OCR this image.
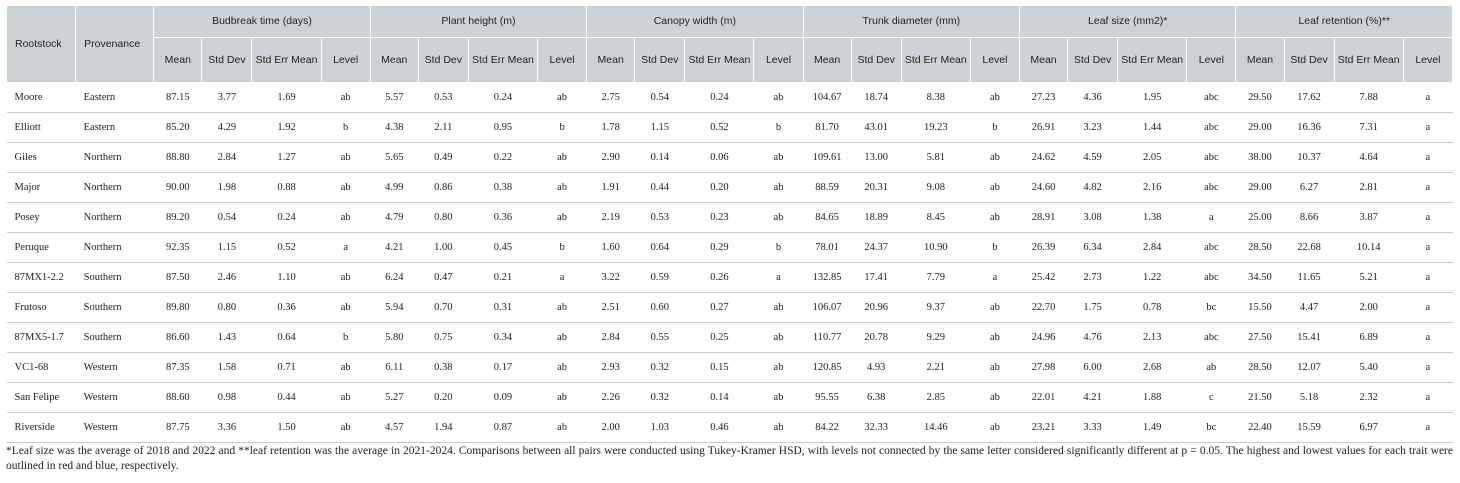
Rootstock	Provenance	Budbreak time (days)				Plant height (m)				Canopy width (m)				Trunk diameter (mm)				Leaf size (mm2)*				Leaf retention (%)**			
		Mean	Std Dev	Std Err Mean	Level	Mean	Std Dev	Std Err Mean	Level	Mean	Std Dev	Std Err Mean	Level	Mean	Std Dev	Std Err Mean	Level	Mean	Std Dev	Std Err Mean	Level	Mean	Std Dev	Std Err Mean	Level
Moore	Eastern	87.15	3.77	1.69	ab	5.57	0.53	0.24	ab	2.75	0.54	0.24	ab	104.67	18.74	8.38	ab	27.23	4.36	1.95	abc	29.50	17.62	7.88	a
Elliott	Eastern	85.20	4.29	1.92	b	4.38	2.11	0.95	b	1.78	1.15	0.52	b	81.70	43.01	19.23	b	26.91	3.23	1.44	abc	29.00	16.36	7.31	a
Giles	Northern	88.80	2.84	1.27	ab	5.65	0.49	0.22	ab	2.90	0.14	0.06	ab	109.61	13.00	5.81	ab	24.62	4.59	2.05	abc	38.00	10.37	4.64	a
Major	Northern	90.00	1.98	0.88	ab	4.99	0.86	0.38	ab	1.91	0.44	0.20	ab	88.59	20.31	9.08	ab	24.60	4.82	2.16	abc	29.00	6.27	2.81	a
Posey	Northern	89.20	0.54	0.24	ab	4.79	0.80	0.36	ab	2.19	0.53	0.23	ab	84.65	18.89	8.45	ab	28.91	3.08	1.38	a	25.00	8.66	3.87	a
Peruque	Northern	92.35	1.15	0.52	a	4.21	1.00	0.45	b	1.60	0.64	0.29	b	78.01	24.37	10.90	b	26.39	6.34	2.84	abc	28.50	22.68	10.14	a
87MX1-2.2	Southern	87.50	2.46	1.10	ab	6.24	0.47	0.21	a	3.22	0.59	0.26	a	132.85	17.41	7.79	a	25.42	2.73	1.22	abc	34.50	11.65	5.21	a
Frutoso	Southern	89.80	0.80	0.36	ab	5.94	0.70	0.31	ab	2.51	0.60	0.27	ab	106.07	20.96	9.37	ab	22.70	1.75	0.78	bc	15.50	4.47	2.00	a
87MX5-1.7	Southern	86.60	1.43	0.64	b	5.80	0.75	0.34	ab	2.84	0.55	0.25	ab	110.77	20.78	9.29	ab	24.96	4.76	2.13	abc	27.50	15.41	6.89	a
VC1-68	Western	87.35	1.58	0.71	ab	6.11	0.38	0.17	ab	2.93	0.32	0.15	ab	120.85	4.93	2.21	ab	27.98	6.00	2.68	ab	28.50	12.07	5.40	a
San Felipe	Western	88.60	0.98	0.44	ab	5.27	0.20	0.09	ab	2.26	0.32	0.14	ab	95.55	6.38	2.85	ab	22.01	4.21	1.88	c	21.50	5.18	2.32	a
Riverside	Western	87.75	3.36	1.50	ab	4.57	1.94	0.87	ab	2.00	1.03	0.46	ab	84.22	32.33	14.46	ab	23.21	3.33	1.49	bc	22.40	15.59	6.97	a

*Leaf size was the average of 2018 and 2022 and **leaf retention was the average in 2021-2024. Comparisons between all pairs were conducted using Tukey-Kramer HSD, with levels not connected by the same letter considered significantly different at p = 0.05. The highest and lowest values for each trait were outlined in red and blue, respectively.
